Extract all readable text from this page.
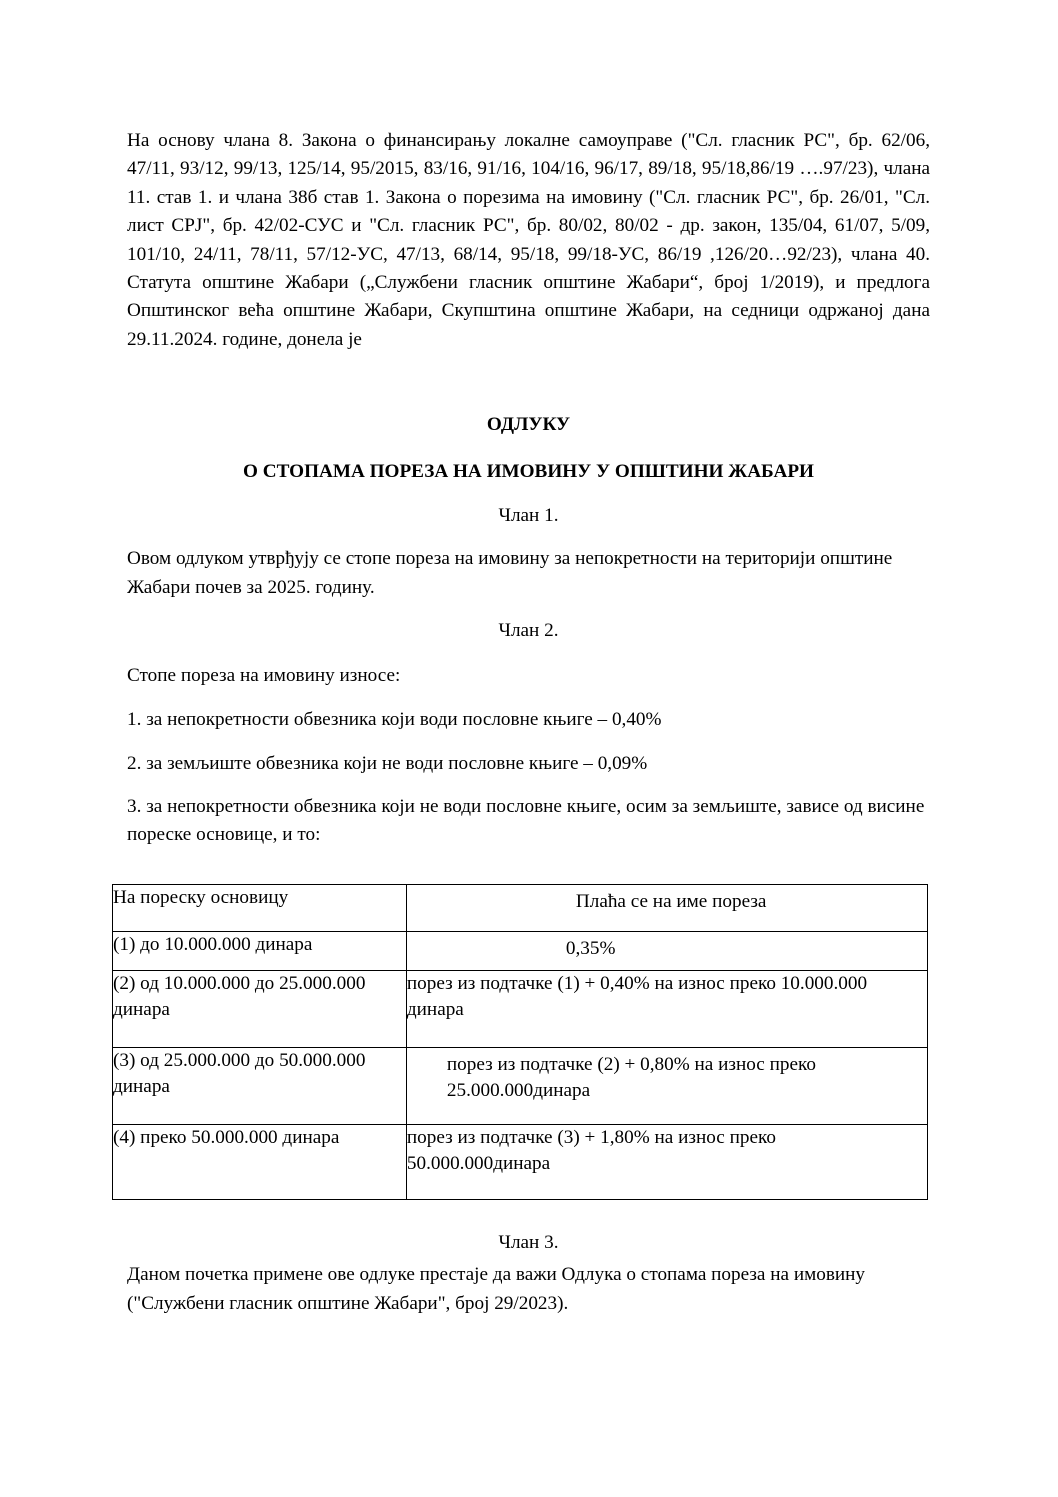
На основу члана 8. Закона о финансирању локалне самоуправе ("Сл. гласник РС", бр. 62/06, 47/11, 93/12, 99/13, 125/14, 95/2015, 83/16, 91/16, 104/16, 96/17, 89/18, 95/18,86/19 ….97/23), члана 11. став 1. и члана 38б став 1. Закона о порезима на имовину ("Сл. гласник РС", бр. 26/01, "Сл. лист СРЈ", бр. 42/02-СУС и "Сл. гласник РС", бр. 80/02, 80/02 - др. закон, 135/04, 61/07, 5/09, 101/10, 24/11, 78/11, 57/12-УС, 47/13, 68/14, 95/18, 99/18-УС, 86/19 ,126/20…92/23), члана 40. Статута општине Жабари („Службени гласник општине Жабари“, број 1/2019), и предлога Општинског већа општине Жабари, Скупштина општине Жабари, на седници одржаној дана 29.11.2024. године, донела је

ОДЛУКУ

О СТОПАМА ПОРЕЗА НА ИМОВИНУ У ОПШТИНИ ЖАБАРИ

Члан 1.

Овом одлуком утврђују се стопе пореза на имовину за непокретности на територији општине Жабари почев за 2025. годину.

Члан 2.

Стопе пореза на имовину износе:

1. за непокретности обвезника који води пословне књиге – 0,40%

2. за земљиште обвезника који не води пословне књиге – 0,09%

3. за непокретности обвезника који не води пословне књиге, осим за земљиште, зависе од висине пореске основице, и то:

На пореску основицу	Плаћа се на име пореза
(1) до 10.000.000 динара	0,35%
(2) од 10.000.000 до 25.000.000 динара	порез из подтачке (1) + 0,40% на износ преко 10.000.000 динара
(3) од 25.000.000 до 50.000.000 динара	порез из подтачке (2) + 0,80% на износ преко 25.000.000динара
(4) преко 50.000.000 динара	порез из подтачке (3) + 1,80% на износ преко   50.000.000динара

Члан 3.

Даном почетка примене ове одлуке престаје да важи Одлука о стопама пореза на имовину ("Службени гласник општине Жабари", број 29/2023).
